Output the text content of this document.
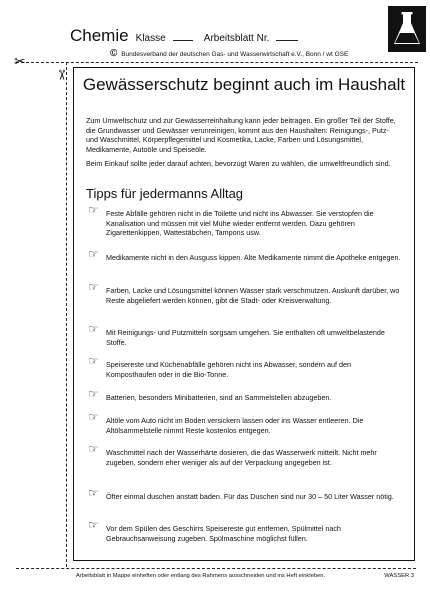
Chemie Klasse	Arbeitsblatt Nr.
© Bundesverband der deutschen Gas- und Wasserwirtschaft e.V., Bonn / wt GSE
✂
✂ Gewässerschutz beginnt auch im Haushalt

Zum Umweltschutz und zur Gewässerreinhaltung kann jeder beitragen. Ein großer Teil der Stoffe, die Grundwasser und Gewässer verunreinigen, kommt aus den Haushalten: Reinigungs-, Putz- und Waschmittel, Körperpflegemittel und Kosmetika, Lacke, Farben und Lösungsmittel, Medikamente, Autoöle und Speiseöle.

Beim Einkauf sollte jeder darauf achten, bevorzugt Waren zu wählen, die umweltfreundlich sind.

Tipps für jedermanns Alltag
☞ Feste Abfälle gehören nicht in die Toilette und nicht ins Abwasser. Sie verstopfen die Kanalisation und müssen mit viel Mühe wieder entfernt werden. Dazu gehören Zigarettenkippen, Wattestäbchen, Tampons usw.

☞ Medikamente nicht in den Ausguss kippen. Alte Medikamente nimmt die Apotheke entgegen.

☞ Farben, Lacke und Lösungsmittel können Wasser stark verschmutzen. Auskunft darüber, wo Reste abgeliefert werden können, gibt die Stadt- oder Kreisverwaltung.

☞ Mit Reinigungs- und Putzmitteln sorgsam umgehen. Sie enthalten oft umweltbelastende Stoffe.

☞ Speisereste und Küchenabfälle gehören nicht ins Abwasser, sondern auf den Komposthaufen oder in die Bio-Tonne.

☞ Batterien, besonders Minibatterien, sind an Sammelstellen abzugeben.

☞ Altöle vom Auto nicht im Boden versickern lassen oder ins Wasser entleeren. Die Altölsammelstelle nimmt Reste kostenlos entgegen.

☞ Waschmittel nach der Wasserhärte dosieren, die das Wasserwerk mitteilt. Nicht mehr zugeben, sondern eher weniger als auf der Verpackung angegeben ist.

☞ Öfter einmal duschen anstatt baden. Für das Duschen sind nur 30 – 50 Liter Wasser nötig.

☞ Vor dem Spülen des Geschirrs Speisereste gut entfernen, Spülmittel nach Gebrauchsanweisung zugeben. Spülmaschine möglichst füllen.

Arbeitsblatt in Mappe einheften oder entlang des Rahmens ausschneiden und ins Heft einkleben.	WASSER 3
